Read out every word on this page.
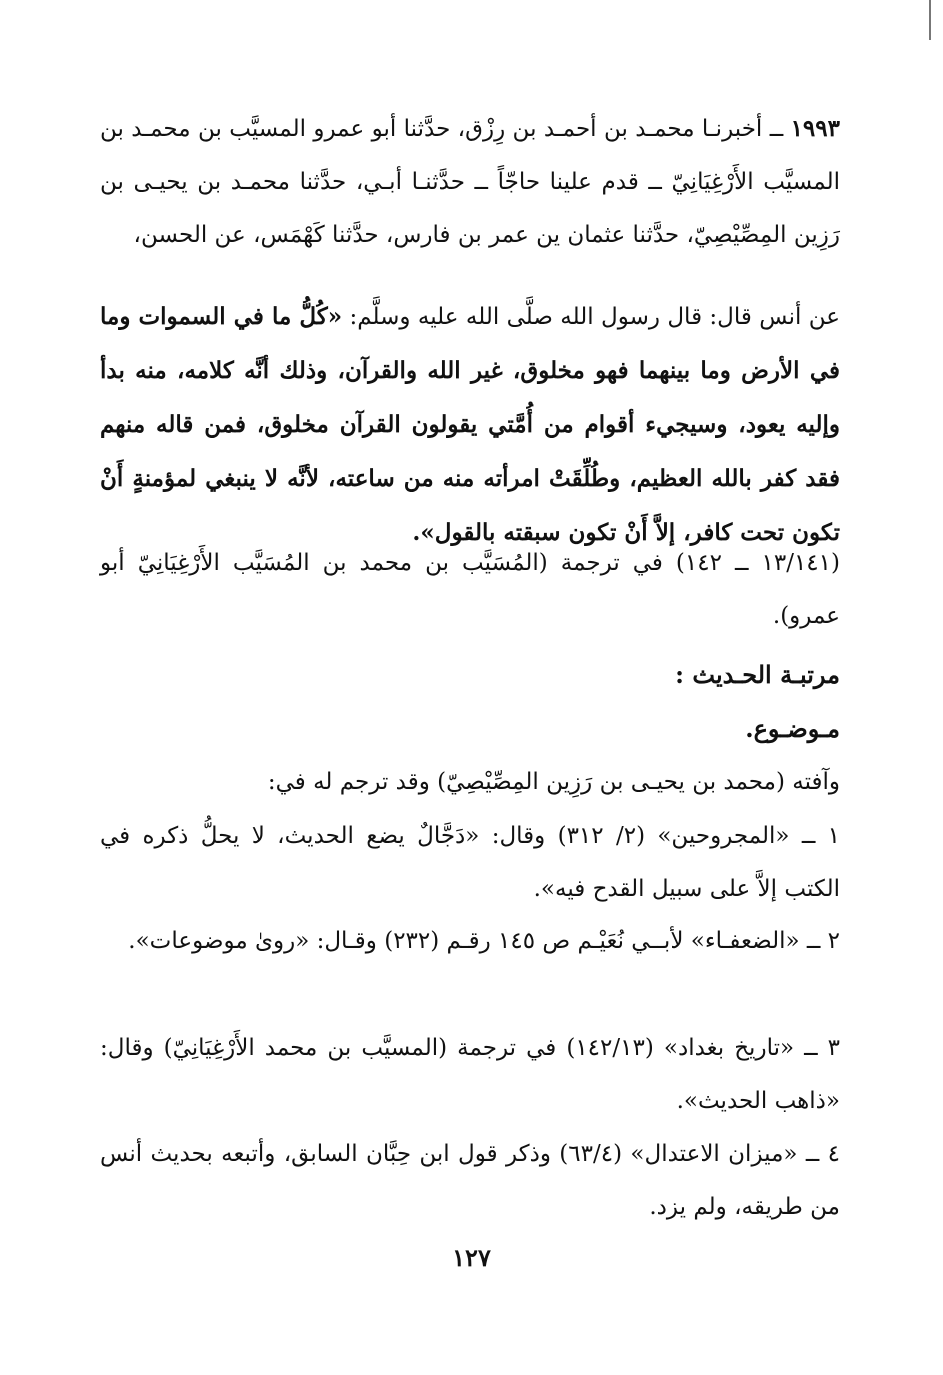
١٩٩٣ ــ أخبرنـا محمـد بن أحمـد بن رِزْق، حدَّثنا أبو عمرو المسيَّب بن محمـد بن المسيَّب الأَرْغِيَانِيّ ــ قدم علينا حاجّاً ــ حدَّثنـا أبـي، حدَّثنا محمـد بن يحيـى بن رَزِين المِصِّيْصِيّ، حدَّثنا عثمان ين عمر بن فارس، حدَّثنا كَهْمَس، عن الحسن،

عن أنس قال: قال رسول الله صلَّى الله عليه وسلَّم: «كُلُّ ما في السموات وما في الأرض وما بينهما فهو مخلوق، غير الله والقرآن، وذلك أنَّه كلامه، منه بدأ وإليه يعود، وسيجيء أقوام من أُمَّتي يقولون القرآن مخلوق، فمن قاله منهم فقد كفر بالله العظيم، وطُلِّقَتْ امرأته منه من ساعته، لأنَّه لا ينبغي لمؤمنةٍ أَنْ تكون تحت كافر، إلاَّ أَنْ تكون سبقته بالقول».

(١٣/١٤١ ــ ١٤٢) في ترجمة (المُسَيَّب بن محمد بن المُسَيَّب الأَرْغِيَانِيّ أبو عمرو).

مرتبـة الحـديث :

مـوضـوع.

وآفته (محمد بن يحيـى بن رَزِين المِصِّيْصِيّ) وقد ترجم له في:

١ ــ «المجروحين» (٢/ ٣١٢) وقال: «دَجَّالٌ يضع الحديث، لا يحلُّ ذكره في الكتب إلاَّ على سبيل القدح فيه».

٢ ــ «الضعفـاء» لأبــي نُعَيْـم ص ١٤٥ رقـم (٢٣٢) وقـال: «روىٰ موضوعات».

٣ ــ «تاريخ بغداد» (١٤٢/١٣) في ترجمة (المسيَّب بن محمد الأَرْغِيَانِيّ) وقال: «ذاهب الحديث».

٤ ــ «ميزان الاعتدال» (٦٣/٤) وذكر قول ابن حِبَّان السابق، وأتبعه بحديث أنس من طريقه، ولم يزد.

١٢٧
